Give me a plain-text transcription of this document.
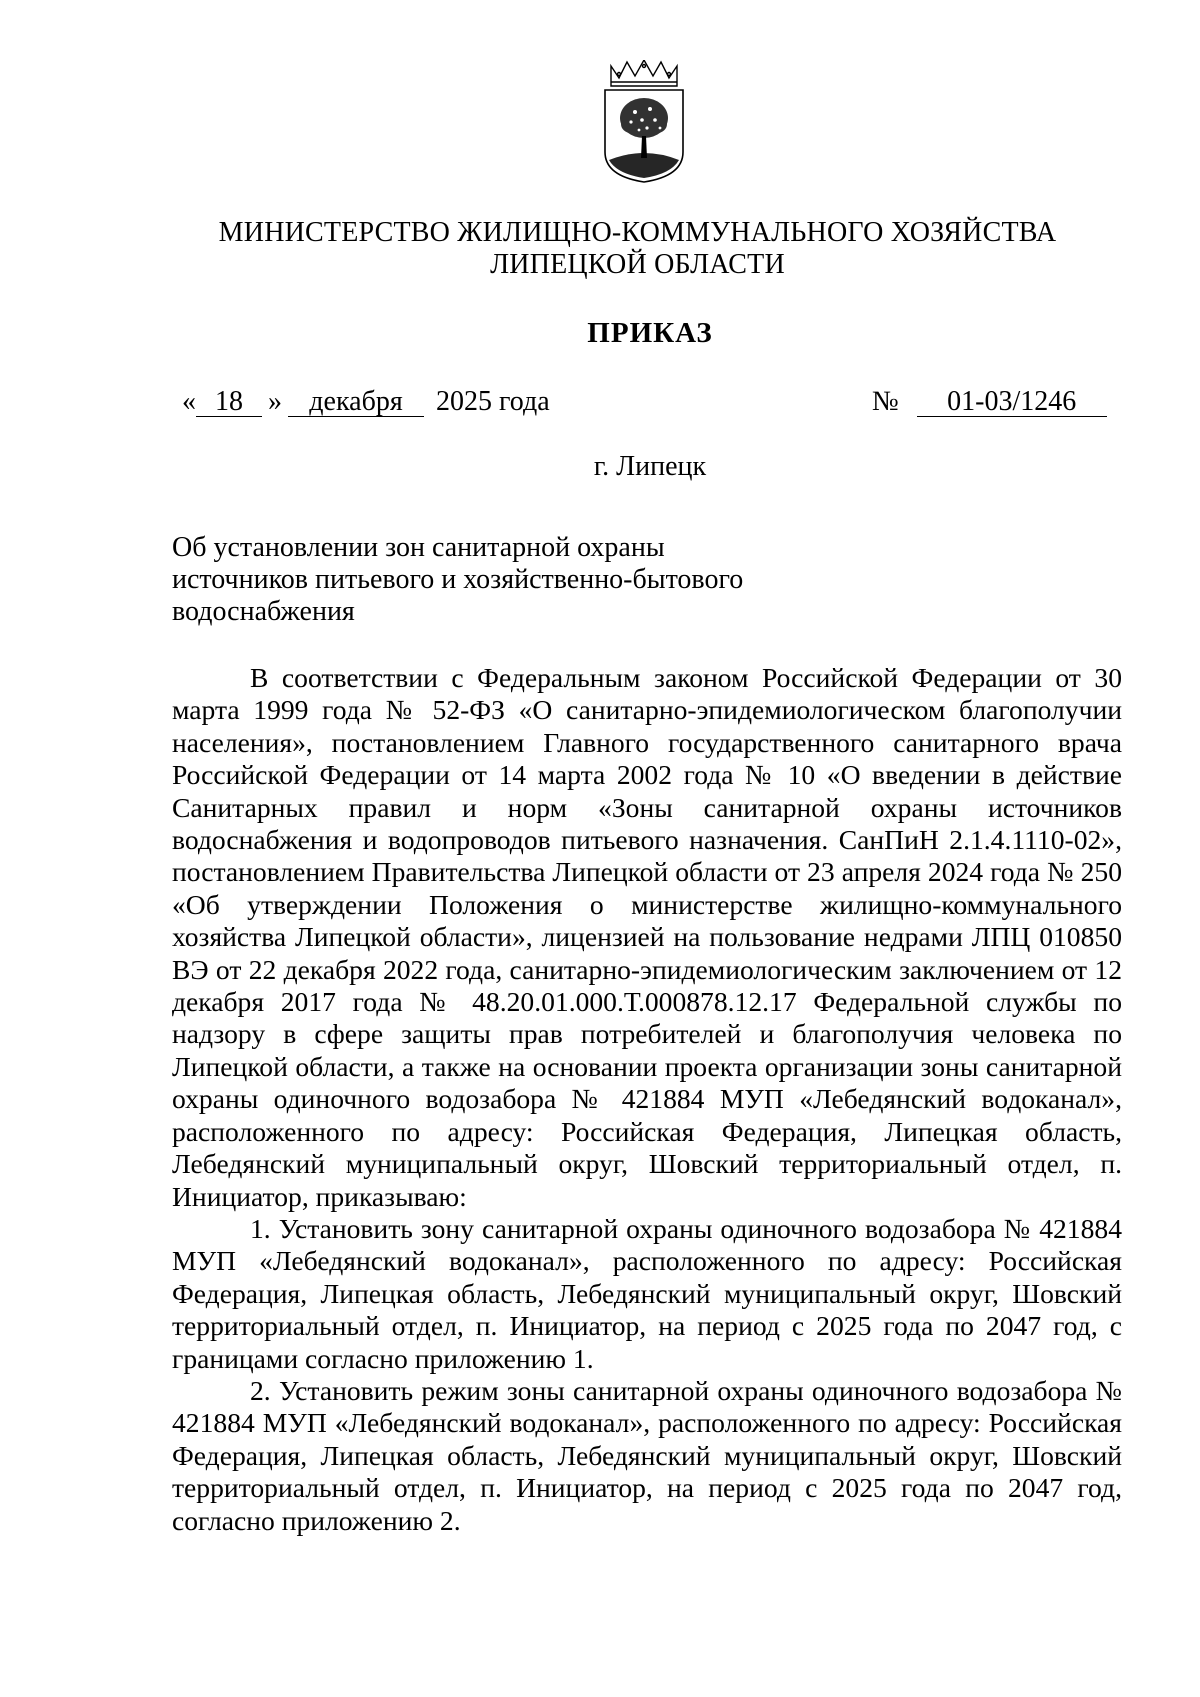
МИНИСТЕРСТВО ЖИЛИЩНО-КОММУНАЛЬНОГО ХОЗЯЙСТВА
ЛИПЕЦКОЙ ОБЛАСТИ
ПРИКАЗ
« 18 » декабря 2025 года	№ 01-03/1246
г. Липецк
Об установлении зон санитарной охраны
источников питьевого и хозяйственно-бытового
водоснабжения

В соответствии с Федеральным законом Российской Федерации от 30 марта 1999 года № 52-ФЗ «О санитарно-эпидемиологическом благополучии населения», постановлением Главного государственного санитарного врача Российской Федерации от 14 марта 2002 года № 10 «О введении в действие Санитарных правил и норм «Зоны санитарной охраны источников водоснабжения и водопроводов питьевого назначения. СанПиН 2.1.4.1110-02», постановлением Правительства Липецкой области от 23 апреля 2024 года № 250 «Об утверждении Положения о министерстве жилищно-коммунального хозяйства Липецкой области», лицензией на пользование недрами ЛПЦ 010850 ВЭ от 22 декабря 2022 года, санитарно-эпидемиологическим заключением от 12 декабря 2017 года № 48.20.01.000.Т.000878.12.17 Федеральной службы по надзору в сфере защиты прав потребителей и благополучия человека по Липецкой области, а также на основании проекта организации зоны санитарной охраны одиночного водозабора № 421884 МУП «Лебедянский водоканал», расположенного по адресу: Российская Федерация, Липецкая область, Лебедянский муниципальный округ, Шовский территориальный отдел, п. Инициатор, приказываю:

1. Установить зону санитарной охраны одиночного водозабора № 421884 МУП «Лебедянский водоканал», расположенного по адресу: Российская Федерация, Липецкая область, Лебедянский муниципальный округ, Шовский территориальный отдел, п. Инициатор, на период с 2025 года по 2047 год, с границами согласно приложению 1.

2. Установить режим зоны санитарной охраны одиночного водозабора № 421884 МУП «Лебедянский водоканал», расположенного по адресу: Российская Федерация, Липецкая область, Лебедянский муниципальный округ, Шовский территориальный отдел, п. Инициатор, на период с 2025 года по 2047 год, согласно приложению 2.
